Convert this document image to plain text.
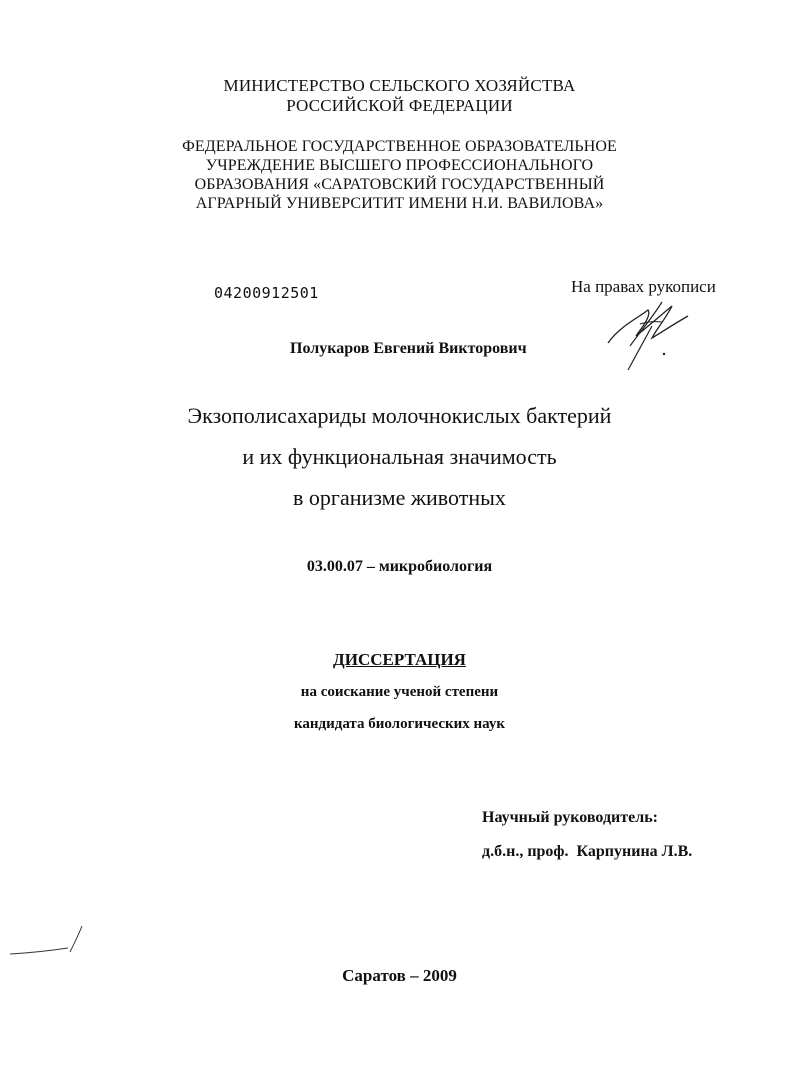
МИНИСТЕРСТВО СЕЛЬСКОГО ХОЗЯЙСТВА
РОССИЙСКОЙ ФЕДЕРАЦИИ
ФЕДЕРАЛЬНОЕ ГОСУДАРСТВЕННОЕ ОБРАЗОВАТЕЛЬНОЕ
УЧРЕЖДЕНИЕ ВЫСШЕГО ПРОФЕССИОНАЛЬНОГО
ОБРАЗОВАНИЯ «САРАТОВСКИЙ ГОСУДАРСТВЕННЫЙ
АГРАРНЫЙ УНИВЕРСИТИТ ИМЕНИ Н.И. ВАВИЛОВА»
04200912501	На правах рукописи
Полукаров Евгений Викторович
Экзополисахариды молочнокислых бактерий
и их функциональная значимость
в организме животных
03.00.07 – микробиология
ДИССЕРТАЦИЯ
на соискание ученой степени
кандидата биологических наук
Научный руководитель:
д.б.н., проф.  Карпунина Л.В.
Саратов – 2009
